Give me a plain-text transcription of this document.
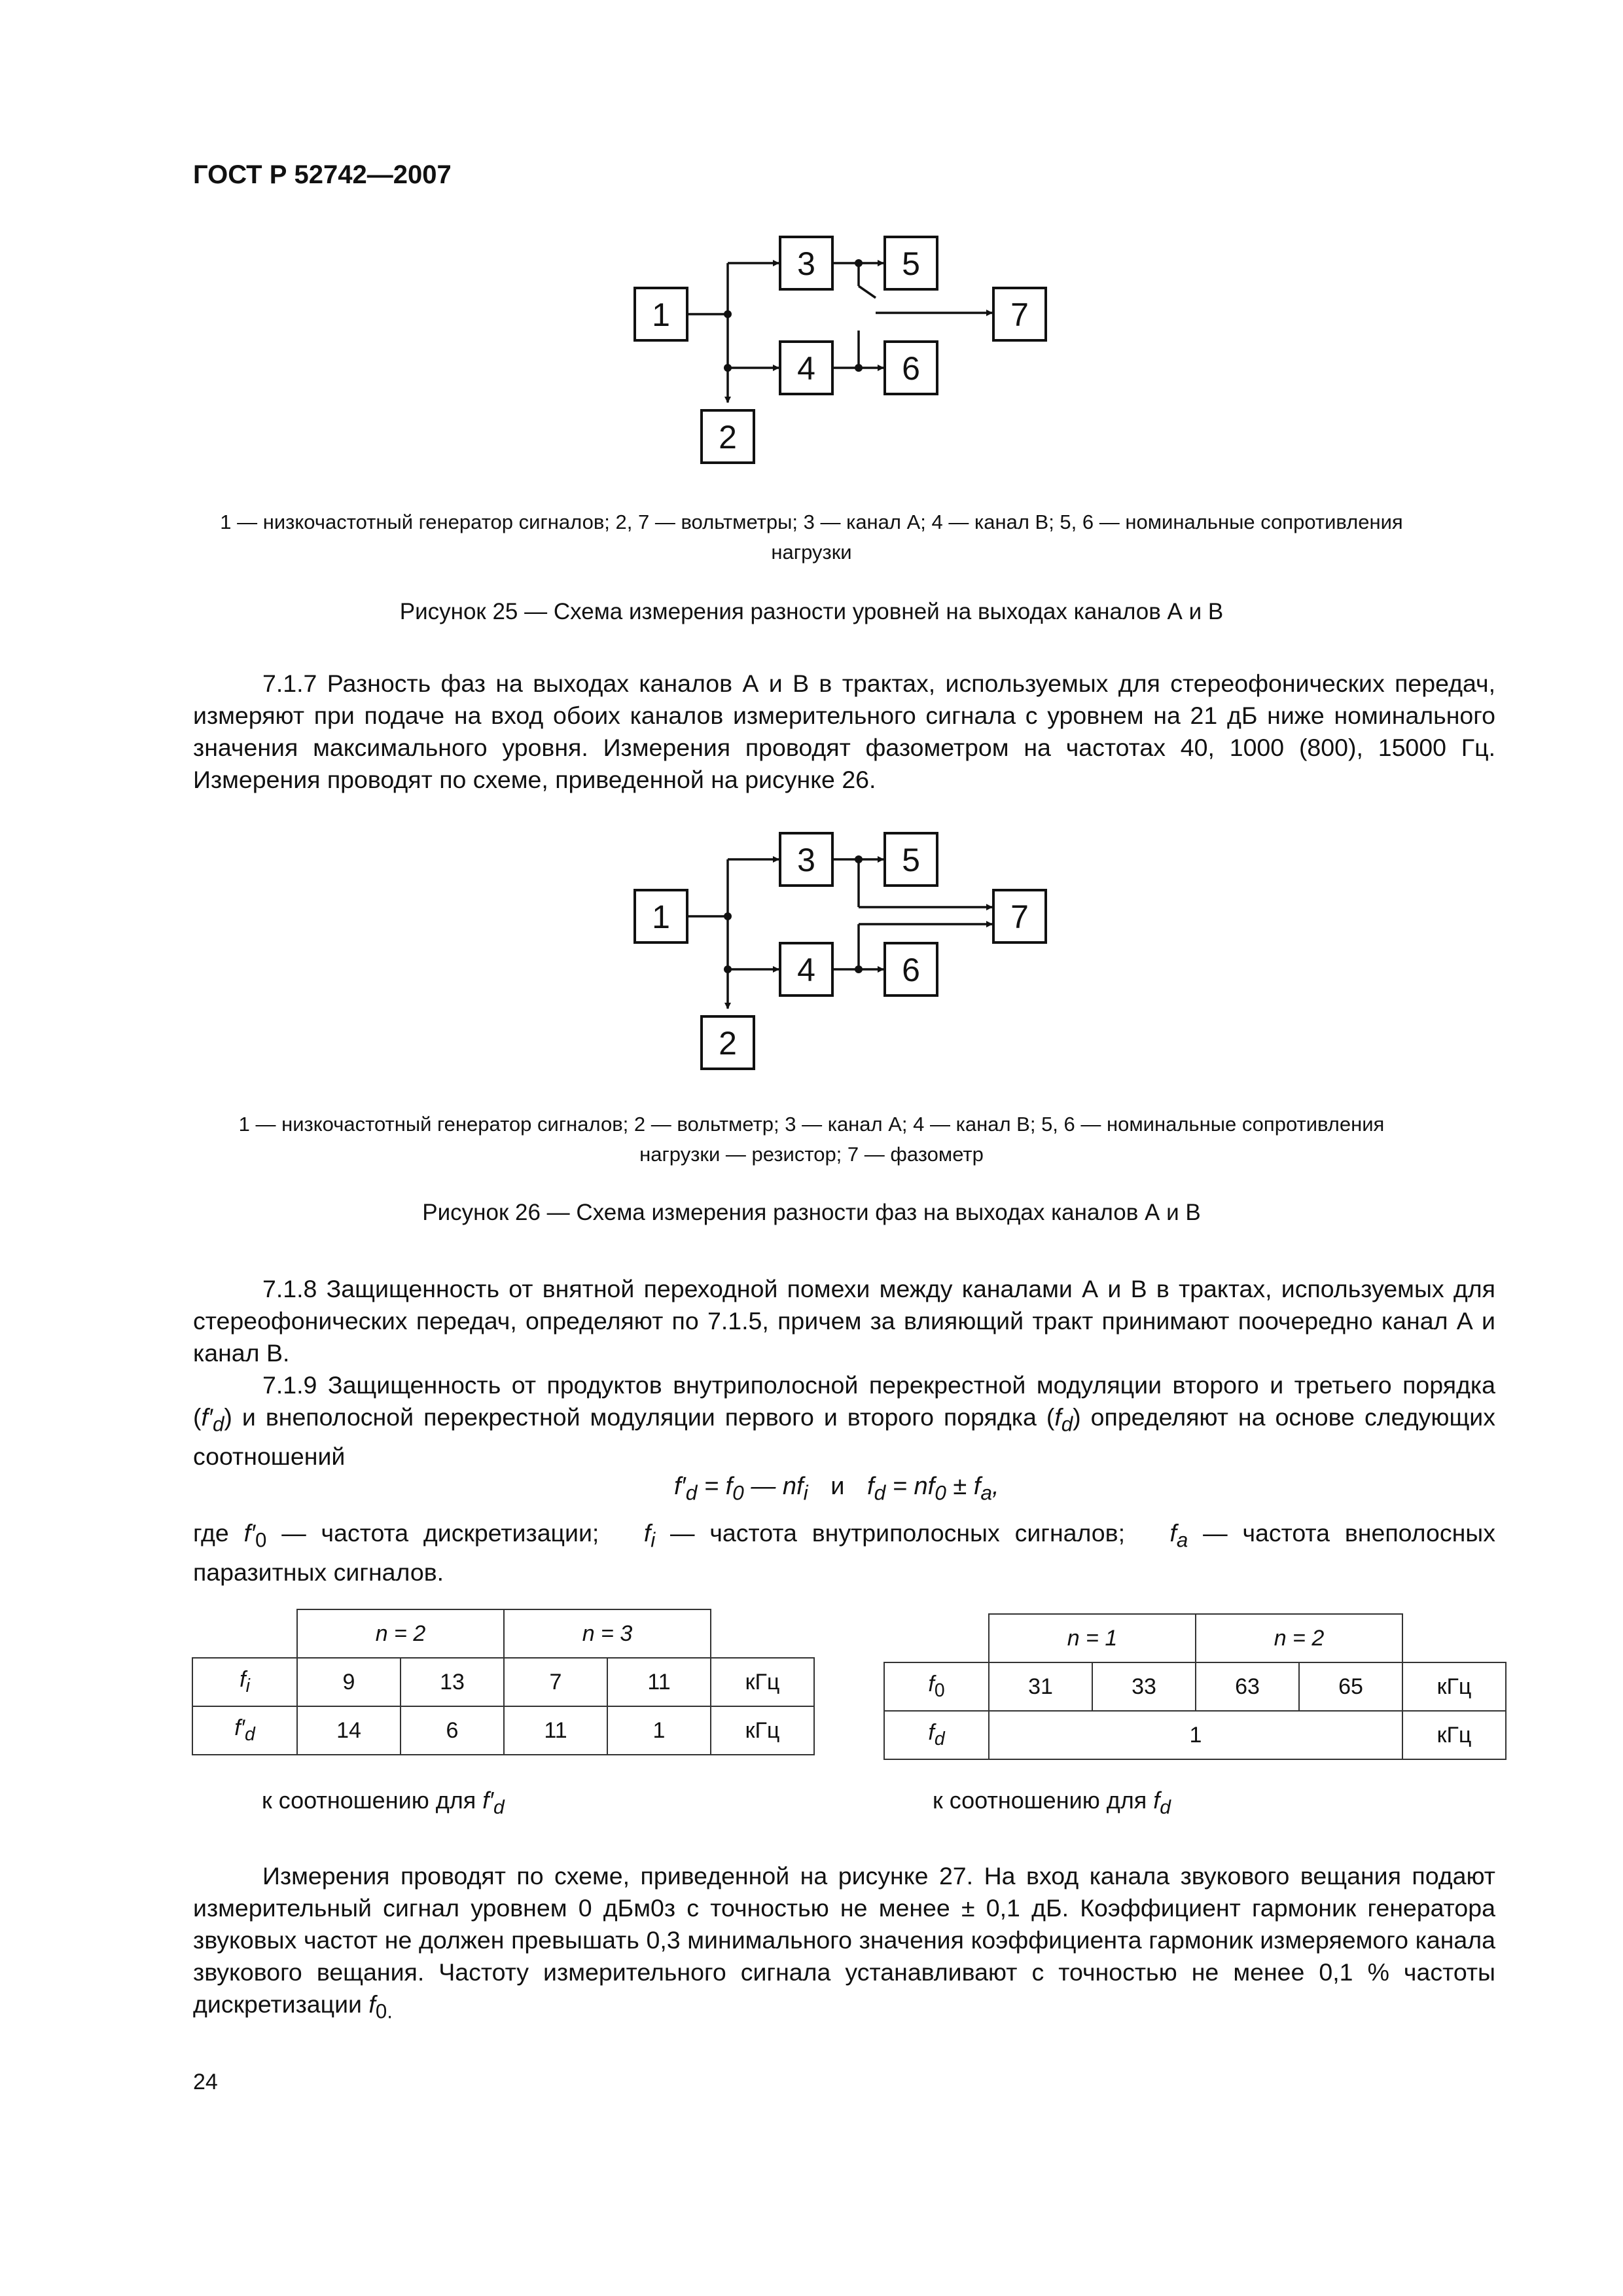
ГОСТ Р 52742—2007
1
2
3
4
5
6
7
1 — низкочастотный генератор сигналов; 2, 7 — вольтметры; 3 — канал А; 4 — канал В; 5, 6 — номинальные сопротивления
нагрузки
Рисунок 25 — Схема измерения разности уровней на выходах каналов А и В

7.1.7 Разность фаз на выходах каналов А и В в трактах, используемых для стереофонических передач, измеряют при подаче на вход обоих каналов измерительного сигнала с уровнем на 21 дБ ниже номинального значения максимального уровня. Измерения проводят фазометром на частотах 40, 1000 (800), 15000 Гц. Измерения проводят по схеме, приведенной на рисунке 26.

1
2
3
4
5
6
7
1 — низкочастотный генератор сигналов; 2 — вольтметр; 3 — канал А; 4 — канал В; 5, 6 — номинальные сопротивления
нагрузки — резистор; 7 — фазометр
Рисунок 26 — Схема измерения разности фаз на выходах каналов А и В

7.1.8 Защищенность от внятной переходной помехи между каналами А и В в трактах, используемых для стереофонических передач, определяют по 7.1.5, причем за влияющий тракт принимают поочередно канал А и канал В.

7.1.9 Защищенность от продуктов внутриполосной перекрестной модуляции второго и третьего порядка $(f'_d)$ и внеполосной перекрестной модуляции первого и второго порядка $(f_d)$ определяют на основе следующих соотношений

$f'_d = f_0$ — $nf_i$ и $f_d = nf_0 \pm f_a$,
где $f'_0$ — частота дискретизации; $f_i$ — частота внутриполосных сигналов; $f_a$ — частота внеполосных паразитных сигналов.
	n = 2		n = 3		
$f_i$	9	13	7	11	кГц
$f'_d$	14	6	11	1	кГц
к соотношению для $f'_d$
	n = 1		n = 2		
$f_0$	31	33	63	65	кГц
$f_d$	1				кГц
к соотношению для $f_d$

Измерения проводят по схеме, приведенной на рисунке 27. На вход канала звукового вещания подают измерительный сигнал уровнем 0 дБм0з с точностью не менее ± 0,1 дБ. Коэффициент гармоник генератора звуковых частот не должен превышать 0,3 минимального значения коэффициента гармоник измеряемого канала звукового вещания. Частоту измерительного сигнала устанавливают с точностью не менее 0,1 % частоты дискретизации $f_{0.}$

24
